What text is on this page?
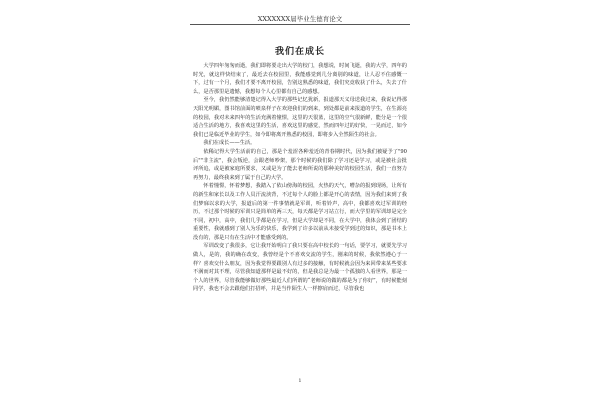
XXXXXXX届毕业生德育论文
我们在成长

大学四年匆匆而逝，我们即将要走出大学的校门，我想说，时间飞逝，我的大学，四年的时光，就这样快结束了，最近去在校园里，我能感觉到几分离别的味道，让人忍不住感慨一下，过有一个月，我们才要不离开校园，告别这熟悉的味道，我们究竟收获了什么，失去了什么，是否那里是遗憾，我想每个人心里都有自己的感想。

至今，我仍然能够清楚记得入大学的那些记忆犹新，报道那天义母送我过来，我说记得那天阳光明媚，图书馆前面的喷泉样子在欢迎我们的到来，到处都是前来报道的学生，在生源亮的校园，我对未来四年的生活充满着憧憬，这里的天很蓝，这里的空气很新鲜，能分是一个很适合生活的地方，我喜欢这里的生活，喜欢这里的感觉，然而四年过的好快，一晃而过，如今我们已是临近毕业的学生，如今即将离开熟悉的校园，即将步入全然陌生的社会。

我们在成长——生活。

依稀记得大学生活前的自己，那是个羞涩各种羞近的青春期时代，因为我们被疑予了"90后""非主流"，我会叛逆，会跟老师吵架，那个时候的我们除了学习还是学习，或是被社会批评所追，或是被家庭所要求，又或是为了能去老师所说的那种美好的校园生活，我们一直努力再努力，最终我来到了属于自己的大学。

怀着憧憬，怀着梦想，我踏入了依山傍海的校园，火热的天气，嘈杂的报到现场，让所有的新生和家长以及工作人员汗流浃背，不过每个人的脸上都是开心的表情，因为我们来到了我们梦寐以求的大学，报道后的第一件事情就是军训，听着铃声，高中，我都喜欢过军训的经历，不过那个时候的军训只是简单的两三天，每天都是学习站立行，而大学里的军训却是完全不同，初中，高中，我们几乎都是在学习，但是大学却是不同，在大学中，我体会到了团结的重要性，我就感到了别人为乐的快乐，我学到了许多以前从未接受学到过的知识，那是书本上没有的，那是只有在生活中才能感受到的。

军训改变了我很多，它让我开始明白了我只要在高中校长的一句话，要学习，就要先学习做人，是的，我的确在改变，我曾经是个不喜欢交流的学生，刚来的时候，我依然遵心于一样？喜欢交什么朋友，因为我觉得要跟别人有过多的接触，有时候就会因为来回带来某些要求不满而对其不理，尽管我知道那样是最不好的，但是我总是为最一个孤独的人看世界，那是一个人的世界，尽管我能够做好那些最近人们所谓的“老师说的做的都是为了你好”，有时候能刻同学，我也不会去跟他们打招呼，并是当作陌生人一样擦肩而过，尽管我也

1
